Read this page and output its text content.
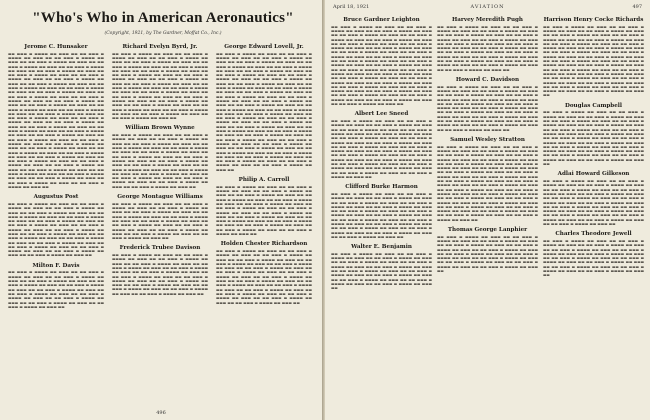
"Who's Who in American Aeronautics"
(Copyright, 1921, by The Gardner, Moffat Co., Inc.)
Jerome C. Hunsaker
▬▬ ▬▬▬ ▬ ▬▬▬▬ ▬▬ ▬▬▬ ▬▬ ▬▬ ▬▬▬ ▬ ▬▬▬▬ ▬▬ ▬▬▬ ▬▬ ▬▬ ▬▬▬ ▬ ▬▬▬▬ ▬▬ ▬▬▬ ▬▬ ▬▬ ▬▬▬ ▬ ▬▬▬▬ ▬▬ ▬▬▬ ▬▬ ▬▬ ▬▬▬ ▬ ▬▬▬▬ ▬▬ ▬▬▬ ▬▬ ▬▬ ▬▬▬ ▬ ▬▬▬▬ ▬▬ ▬▬▬ ▬▬ ▬▬ ▬▬▬ ▬ ▬▬▬▬ ▬▬ ▬▬▬ ▬▬ ▬▬ ▬▬▬ ▬ ▬▬▬▬ ▬▬ ▬▬▬ ▬▬ ▬▬ ▬▬▬ ▬ ▬▬▬▬ ▬▬ ▬▬▬ ▬▬ ▬▬ ▬▬▬ ▬ ▬▬▬▬ ▬▬ ▬▬▬ ▬▬ ▬▬ ▬▬▬ ▬ ▬▬▬▬ ▬▬ ▬▬▬ ▬▬ ▬▬ ▬▬▬ ▬ ▬▬▬▬ ▬▬ ▬▬▬ ▬▬ ▬▬ ▬▬▬ ▬ ▬▬▬▬ ▬▬ ▬▬▬ ▬▬ ▬▬ ▬▬▬ ▬ ▬▬▬▬ ▬▬ ▬▬▬ ▬▬ ▬▬ ▬▬▬ ▬ ▬▬▬▬ ▬▬ ▬▬▬ ▬▬ ▬▬ ▬▬▬ ▬ ▬▬▬▬ ▬▬ ▬▬▬ ▬▬ ▬▬ ▬▬▬ ▬ ▬▬▬▬ ▬▬ ▬▬▬ ▬▬ ▬▬ ▬▬▬ ▬ ▬▬▬▬ ▬▬ ▬▬▬ ▬▬ ▬▬ ▬▬▬ ▬ ▬▬▬▬ ▬▬ ▬▬▬ ▬▬ ▬▬ ▬▬▬ ▬ ▬▬▬▬ ▬▬ ▬▬▬ ▬▬ ▬▬ ▬▬▬ ▬ ▬▬▬▬ ▬▬ ▬▬▬ ▬▬ ▬▬ ▬▬▬ ▬ ▬▬▬▬ ▬▬ ▬▬▬ ▬▬ ▬▬ ▬▬▬ ▬ ▬▬▬▬ ▬▬ ▬▬▬ ▬▬ ▬▬ ▬▬▬ ▬ ▬▬▬▬ ▬▬ ▬▬▬ ▬▬ ▬▬ ▬▬▬ ▬ ▬▬▬▬ ▬▬ ▬▬▬ ▬▬ ▬▬ ▬▬▬ ▬ ▬▬▬▬ ▬▬ ▬▬▬ ▬▬ ▬▬ ▬▬▬ ▬ ▬▬▬▬ ▬▬ ▬▬▬ ▬▬ ▬▬ ▬▬▬ ▬ ▬▬▬▬ ▬▬ ▬▬▬ ▬▬ ▬▬ ▬▬▬ ▬ ▬▬▬▬ ▬▬ ▬▬▬ ▬▬ ▬▬ ▬▬▬ ▬ ▬▬▬▬ ▬▬ ▬▬▬ ▬▬ ▬▬ ▬▬▬ ▬ ▬▬▬▬ ▬▬ ▬▬▬ ▬▬ ▬▬ ▬▬▬ ▬ ▬▬▬▬ ▬▬ ▬▬▬ ▬▬ ▬▬ ▬▬▬ ▬ ▬▬▬▬ ▬▬ ▬▬▬ ▬▬ ▬▬ ▬▬▬ ▬ ▬▬▬▬ ▬▬ ▬▬▬ ▬▬ ▬▬ ▬▬▬ ▬ ▬▬▬▬ ▬▬ ▬▬▬ ▬▬ ▬▬ ▬▬▬ ▬ ▬▬▬▬ ▬▬ ▬▬▬ ▬▬ ▬▬ ▬▬▬ ▬ ▬▬▬▬ ▬▬ ▬▬▬ ▬▬ ▬▬ ▬▬▬ ▬ ▬▬▬▬ ▬▬ ▬▬▬ ▬▬ ▬▬ ▬▬▬ ▬ ▬▬▬▬ ▬▬ ▬▬▬ ▬▬ ▬▬ ▬▬▬ ▬ ▬▬▬▬ ▬▬ ▬▬▬ ▬▬ ▬▬ ▬▬▬ ▬ ▬▬▬▬ ▬▬ ▬▬▬ ▬▬ ▬▬ ▬▬▬ ▬ ▬▬▬▬ ▬▬ ▬▬▬ ▬▬ ▬▬ ▬▬▬ ▬ ▬▬▬▬ ▬▬ ▬▬▬ ▬▬ ▬▬ ▬▬▬ ▬ ▬▬▬▬ ▬▬ ▬▬▬ ▬▬
Augustus Post
▬▬ ▬▬▬ ▬ ▬▬▬▬ ▬▬ ▬▬▬ ▬▬ ▬▬ ▬▬▬ ▬ ▬▬▬▬ ▬▬ ▬▬▬ ▬▬ ▬▬ ▬▬▬ ▬ ▬▬▬▬ ▬▬ ▬▬▬ ▬▬ ▬▬ ▬▬▬ ▬ ▬▬▬▬ ▬▬ ▬▬▬ ▬▬ ▬▬ ▬▬▬ ▬ ▬▬▬▬ ▬▬ ▬▬▬ ▬▬ ▬▬ ▬▬▬ ▬ ▬▬▬▬ ▬▬ ▬▬▬ ▬▬ ▬▬ ▬▬▬ ▬ ▬▬▬▬ ▬▬ ▬▬▬ ▬▬ ▬▬ ▬▬▬ ▬ ▬▬▬▬ ▬▬ ▬▬▬ ▬▬ ▬▬ ▬▬▬ ▬ ▬▬▬▬ ▬▬ ▬▬▬ ▬▬ ▬▬ ▬▬▬ ▬ ▬▬▬▬ ▬▬ ▬▬▬ ▬▬ ▬▬ ▬▬▬ ▬ ▬▬▬▬ ▬▬ ▬▬▬ ▬▬ ▬▬ ▬▬▬ ▬ ▬▬▬▬ ▬▬ ▬▬▬ ▬▬ ▬▬ ▬▬▬ ▬ ▬▬▬▬ ▬▬ ▬▬▬ ▬▬ ▬▬ ▬▬▬ ▬ ▬▬▬▬ ▬▬ ▬▬▬ ▬▬ ▬▬ ▬▬▬ ▬ ▬▬▬▬ ▬▬ ▬▬▬ ▬▬ ▬▬ ▬▬▬ ▬ ▬▬▬▬ ▬▬ ▬▬▬ ▬▬ ▬▬ ▬▬▬ ▬ ▬▬▬▬ ▬▬ ▬▬▬ ▬▬ ▬▬ ▬▬▬ ▬ ▬▬▬▬ ▬▬ ▬▬▬ ▬▬
Milton F. Davis
▬▬ ▬▬▬ ▬ ▬▬▬▬ ▬▬ ▬▬▬ ▬▬ ▬▬ ▬▬▬ ▬ ▬▬▬▬ ▬▬ ▬▬▬ ▬▬ ▬▬ ▬▬▬ ▬ ▬▬▬▬ ▬▬ ▬▬▬ ▬▬ ▬▬ ▬▬▬ ▬ ▬▬▬▬ ▬▬ ▬▬▬ ▬▬ ▬▬ ▬▬▬ ▬ ▬▬▬▬ ▬▬ ▬▬▬ ▬▬ ▬▬ ▬▬▬ ▬ ▬▬▬▬ ▬▬ ▬▬▬ ▬▬ ▬▬ ▬▬▬ ▬ ▬▬▬▬ ▬▬ ▬▬▬ ▬▬ ▬▬ ▬▬▬ ▬ ▬▬▬▬ ▬▬ ▬▬▬ ▬▬ ▬▬ ▬▬▬ ▬ ▬▬▬▬ ▬▬ ▬▬▬ ▬▬ ▬▬ ▬▬▬ ▬ ▬▬▬▬ ▬▬ ▬▬▬ ▬▬ ▬▬ ▬▬▬ ▬ ▬▬▬▬ ▬▬ ▬▬▬ ▬▬ ▬▬ ▬▬▬ ▬ ▬▬▬▬ ▬▬ ▬▬▬ ▬▬
Richard Evelyn Byrd, Jr.
▬▬ ▬▬▬ ▬ ▬▬▬▬ ▬▬ ▬▬▬ ▬▬ ▬▬ ▬▬▬ ▬ ▬▬▬▬ ▬▬ ▬▬▬ ▬▬ ▬▬ ▬▬▬ ▬ ▬▬▬▬ ▬▬ ▬▬▬ ▬▬ ▬▬ ▬▬▬ ▬ ▬▬▬▬ ▬▬ ▬▬▬ ▬▬ ▬▬ ▬▬▬ ▬ ▬▬▬▬ ▬▬ ▬▬▬ ▬▬ ▬▬ ▬▬▬ ▬ ▬▬▬▬ ▬▬ ▬▬▬ ▬▬ ▬▬ ▬▬▬ ▬ ▬▬▬▬ ▬▬ ▬▬▬ ▬▬ ▬▬ ▬▬▬ ▬ ▬▬▬▬ ▬▬ ▬▬▬ ▬▬ ▬▬ ▬▬▬ ▬ ▬▬▬▬ ▬▬ ▬▬▬ ▬▬ ▬▬ ▬▬▬ ▬ ▬▬▬▬ ▬▬ ▬▬▬ ▬▬ ▬▬ ▬▬▬ ▬ ▬▬▬▬ ▬▬ ▬▬▬ ▬▬ ▬▬ ▬▬▬ ▬ ▬▬▬▬ ▬▬ ▬▬▬ ▬▬ ▬▬ ▬▬▬ ▬ ▬▬▬▬ ▬▬ ▬▬▬ ▬▬ ▬▬ ▬▬▬ ▬ ▬▬▬▬ ▬▬ ▬▬▬ ▬▬ ▬▬ ▬▬▬ ▬ ▬▬▬▬ ▬▬ ▬▬▬ ▬▬ ▬▬ ▬▬▬ ▬ ▬▬▬▬ ▬▬ ▬▬▬ ▬▬ ▬▬ ▬▬▬ ▬ ▬▬▬▬ ▬▬ ▬▬▬ ▬▬ ▬▬ ▬▬▬ ▬ ▬▬▬▬ ▬▬ ▬▬▬ ▬▬ ▬▬ ▬▬▬ ▬ ▬▬▬▬ ▬▬ ▬▬▬ ▬▬ ▬▬ ▬▬▬ ▬ ▬▬▬▬ ▬▬ ▬▬▬ ▬▬ ▬▬ ▬▬▬ ▬ ▬▬▬▬ ▬▬ ▬▬▬ ▬▬ ▬▬ ▬▬▬ ▬ ▬▬▬▬ ▬▬ ▬▬▬ ▬▬
William Brown Wynne
▬▬ ▬▬▬ ▬ ▬▬▬▬ ▬▬ ▬▬▬ ▬▬ ▬▬ ▬▬▬ ▬ ▬▬▬▬ ▬▬ ▬▬▬ ▬▬ ▬▬ ▬▬▬ ▬ ▬▬▬▬ ▬▬ ▬▬▬ ▬▬ ▬▬ ▬▬▬ ▬ ▬▬▬▬ ▬▬ ▬▬▬ ▬▬ ▬▬ ▬▬▬ ▬ ▬▬▬▬ ▬▬ ▬▬▬ ▬▬ ▬▬ ▬▬▬ ▬ ▬▬▬▬ ▬▬ ▬▬▬ ▬▬ ▬▬ ▬▬▬ ▬ ▬▬▬▬ ▬▬ ▬▬▬ ▬▬ ▬▬ ▬▬▬ ▬ ▬▬▬▬ ▬▬ ▬▬▬ ▬▬ ▬▬ ▬▬▬ ▬ ▬▬▬▬ ▬▬ ▬▬▬ ▬▬ ▬▬ ▬▬▬ ▬ ▬▬▬▬ ▬▬ ▬▬▬ ▬▬ ▬▬ ▬▬▬ ▬ ▬▬▬▬ ▬▬ ▬▬▬ ▬▬ ▬▬ ▬▬▬ ▬ ▬▬▬▬ ▬▬ ▬▬▬ ▬▬ ▬▬ ▬▬▬ ▬ ▬▬▬▬ ▬▬ ▬▬▬ ▬▬ ▬▬ ▬▬▬ ▬ ▬▬▬▬ ▬▬ ▬▬▬ ▬▬ ▬▬ ▬▬▬ ▬ ▬▬▬▬ ▬▬ ▬▬▬ ▬▬ ▬▬ ▬▬▬ ▬ ▬▬▬▬ ▬▬ ▬▬▬ ▬▬ ▬▬ ▬▬▬ ▬ ▬▬▬▬ ▬▬ ▬▬▬ ▬▬ ▬▬ ▬▬▬ ▬ ▬▬▬▬ ▬▬ ▬▬▬ ▬▬
George Montague Williams
▬▬ ▬▬▬ ▬ ▬▬▬▬ ▬▬ ▬▬▬ ▬▬ ▬▬ ▬▬▬ ▬ ▬▬▬▬ ▬▬ ▬▬▬ ▬▬ ▬▬ ▬▬▬ ▬ ▬▬▬▬ ▬▬ ▬▬▬ ▬▬ ▬▬ ▬▬▬ ▬ ▬▬▬▬ ▬▬ ▬▬▬ ▬▬ ▬▬ ▬▬▬ ▬ ▬▬▬▬ ▬▬ ▬▬▬ ▬▬ ▬▬ ▬▬▬ ▬ ▬▬▬▬ ▬▬ ▬▬▬ ▬▬ ▬▬ ▬▬▬ ▬ ▬▬▬▬ ▬▬ ▬▬▬ ▬▬ ▬▬ ▬▬▬ ▬ ▬▬▬▬ ▬▬ ▬▬▬ ▬▬ ▬▬ ▬▬▬ ▬ ▬▬▬▬ ▬▬ ▬▬▬ ▬▬ ▬▬ ▬▬▬ ▬ ▬▬▬▬ ▬▬ ▬▬▬ ▬▬ ▬▬ ▬▬▬ ▬ ▬▬▬▬ ▬▬ ▬▬▬ ▬▬ ▬▬ ▬▬▬ ▬ ▬▬▬▬ ▬▬ ▬▬▬ ▬▬
Frederick Trubee Davison
▬▬ ▬▬▬ ▬ ▬▬▬▬ ▬▬ ▬▬▬ ▬▬ ▬▬ ▬▬▬ ▬ ▬▬▬▬ ▬▬ ▬▬▬ ▬▬ ▬▬ ▬▬▬ ▬ ▬▬▬▬ ▬▬ ▬▬▬ ▬▬ ▬▬ ▬▬▬ ▬ ▬▬▬▬ ▬▬ ▬▬▬ ▬▬ ▬▬ ▬▬▬ ▬ ▬▬▬▬ ▬▬ ▬▬▬ ▬▬ ▬▬ ▬▬▬ ▬ ▬▬▬▬ ▬▬ ▬▬▬ ▬▬ ▬▬ ▬▬▬ ▬ ▬▬▬▬ ▬▬ ▬▬▬ ▬▬ ▬▬ ▬▬▬ ▬ ▬▬▬▬ ▬▬ ▬▬▬ ▬▬ ▬▬ ▬▬▬ ▬ ▬▬▬▬ ▬▬ ▬▬▬ ▬▬ ▬▬ ▬▬▬ ▬ ▬▬▬▬ ▬▬ ▬▬▬ ▬▬ ▬▬ ▬▬▬ ▬ ▬▬▬▬ ▬▬ ▬▬▬ ▬▬ ▬▬ ▬▬▬ ▬ ▬▬▬▬ ▬▬ ▬▬▬ ▬▬ ▬▬ ▬▬▬ ▬ ▬▬▬▬ ▬▬ ▬▬▬ ▬▬ ▬▬ ▬▬▬ ▬ ▬▬▬▬ ▬▬ ▬▬▬ ▬▬
George Edward Lovell, Jr.
▬▬ ▬▬▬ ▬ ▬▬▬▬ ▬▬ ▬▬▬ ▬▬ ▬▬ ▬▬▬ ▬ ▬▬▬▬ ▬▬ ▬▬▬ ▬▬ ▬▬ ▬▬▬ ▬ ▬▬▬▬ ▬▬ ▬▬▬ ▬▬ ▬▬ ▬▬▬ ▬ ▬▬▬▬ ▬▬ ▬▬▬ ▬▬ ▬▬ ▬▬▬ ▬ ▬▬▬▬ ▬▬ ▬▬▬ ▬▬ ▬▬ ▬▬▬ ▬ ▬▬▬▬ ▬▬ ▬▬▬ ▬▬ ▬▬ ▬▬▬ ▬ ▬▬▬▬ ▬▬ ▬▬▬ ▬▬ ▬▬ ▬▬▬ ▬ ▬▬▬▬ ▬▬ ▬▬▬ ▬▬ ▬▬ ▬▬▬ ▬ ▬▬▬▬ ▬▬ ▬▬▬ ▬▬ ▬▬ ▬▬▬ ▬ ▬▬▬▬ ▬▬ ▬▬▬ ▬▬ ▬▬ ▬▬▬ ▬ ▬▬▬▬ ▬▬ ▬▬▬ ▬▬ ▬▬ ▬▬▬ ▬ ▬▬▬▬ ▬▬ ▬▬▬ ▬▬ ▬▬ ▬▬▬ ▬ ▬▬▬▬ ▬▬ ▬▬▬ ▬▬ ▬▬ ▬▬▬ ▬ ▬▬▬▬ ▬▬ ▬▬▬ ▬▬ ▬▬ ▬▬▬ ▬ ▬▬▬▬ ▬▬ ▬▬▬ ▬▬ ▬▬ ▬▬▬ ▬ ▬▬▬▬ ▬▬ ▬▬▬ ▬▬ ▬▬ ▬▬▬ ▬ ▬▬▬▬ ▬▬ ▬▬▬ ▬▬ ▬▬ ▬▬▬ ▬ ▬▬▬▬ ▬▬ ▬▬▬ ▬▬ ▬▬ ▬▬▬ ▬ ▬▬▬▬ ▬▬ ▬▬▬ ▬▬ ▬▬ ▬▬▬ ▬ ▬▬▬▬ ▬▬ ▬▬▬ ▬▬ ▬▬ ▬▬▬ ▬ ▬▬▬▬ ▬▬ ▬▬▬ ▬▬ ▬▬ ▬▬▬ ▬ ▬▬▬▬ ▬▬ ▬▬▬ ▬▬ ▬▬ ▬▬▬ ▬ ▬▬▬▬ ▬▬ ▬▬▬ ▬▬ ▬▬ ▬▬▬ ▬ ▬▬▬▬ ▬▬ ▬▬▬ ▬▬ ▬▬ ▬▬▬ ▬ ▬▬▬▬ ▬▬ ▬▬▬ ▬▬ ▬▬ ▬▬▬ ▬ ▬▬▬▬ ▬▬ ▬▬▬ ▬▬ ▬▬ ▬▬▬ ▬ ▬▬▬▬ ▬▬ ▬▬▬ ▬▬ ▬▬ ▬▬▬ ▬ ▬▬▬▬ ▬▬ ▬▬▬ ▬▬ ▬▬ ▬▬▬ ▬ ▬▬▬▬ ▬▬ ▬▬▬ ▬▬ ▬▬ ▬▬▬ ▬ ▬▬▬▬ ▬▬ ▬▬▬ ▬▬ ▬▬ ▬▬▬ ▬ ▬▬▬▬ ▬▬ ▬▬▬ ▬▬ ▬▬ ▬▬▬ ▬ ▬▬▬▬ ▬▬ ▬▬▬ ▬▬ ▬▬ ▬▬▬ ▬ ▬▬▬▬ ▬▬ ▬▬▬ ▬▬ ▬▬ ▬▬▬ ▬ ▬▬▬▬ ▬▬ ▬▬▬ ▬▬ ▬▬ ▬▬▬ ▬ ▬▬▬▬ ▬▬ ▬▬▬ ▬▬ ▬▬ ▬▬▬ ▬ ▬▬▬▬ ▬▬ ▬▬▬ ▬▬ ▬▬ ▬▬▬ ▬ ▬▬▬▬ ▬▬ ▬▬▬ ▬▬ ▬▬ ▬▬▬ ▬ ▬▬▬▬ ▬▬ ▬▬▬ ▬▬
Philip A. Carroll
▬▬ ▬▬▬ ▬ ▬▬▬▬ ▬▬ ▬▬▬ ▬▬ ▬▬ ▬▬▬ ▬ ▬▬▬▬ ▬▬ ▬▬▬ ▬▬ ▬▬ ▬▬▬ ▬ ▬▬▬▬ ▬▬ ▬▬▬ ▬▬ ▬▬ ▬▬▬ ▬ ▬▬▬▬ ▬▬ ▬▬▬ ▬▬ ▬▬ ▬▬▬ ▬ ▬▬▬▬ ▬▬ ▬▬▬ ▬▬ ▬▬ ▬▬▬ ▬ ▬▬▬▬ ▬▬ ▬▬▬ ▬▬ ▬▬ ▬▬▬ ▬ ▬▬▬▬ ▬▬ ▬▬▬ ▬▬ ▬▬ ▬▬▬ ▬ ▬▬▬▬ ▬▬ ▬▬▬ ▬▬ ▬▬ ▬▬▬ ▬ ▬▬▬▬ ▬▬ ▬▬▬ ▬▬ ▬▬ ▬▬▬ ▬ ▬▬▬▬ ▬▬ ▬▬▬ ▬▬ ▬▬ ▬▬▬ ▬ ▬▬▬▬ ▬▬ ▬▬▬ ▬▬ ▬▬ ▬▬▬ ▬ ▬▬▬▬ ▬▬ ▬▬▬ ▬▬ ▬▬ ▬▬▬ ▬ ▬▬▬▬ ▬▬ ▬▬▬ ▬▬ ▬▬ ▬▬▬ ▬ ▬▬▬▬ ▬▬ ▬▬▬ ▬▬ ▬▬ ▬▬▬ ▬ ▬▬▬▬ ▬▬ ▬▬▬ ▬▬ ▬▬ ▬▬▬ ▬ ▬▬▬▬ ▬▬ ▬▬▬ ▬▬
Holden Chester Richardson
▬▬ ▬▬▬ ▬ ▬▬▬▬ ▬▬ ▬▬▬ ▬▬ ▬▬ ▬▬▬ ▬ ▬▬▬▬ ▬▬ ▬▬▬ ▬▬ ▬▬ ▬▬▬ ▬ ▬▬▬▬ ▬▬ ▬▬▬ ▬▬ ▬▬ ▬▬▬ ▬ ▬▬▬▬ ▬▬ ▬▬▬ ▬▬ ▬▬ ▬▬▬ ▬ ▬▬▬▬ ▬▬ ▬▬▬ ▬▬ ▬▬ ▬▬▬ ▬ ▬▬▬▬ ▬▬ ▬▬▬ ▬▬ ▬▬ ▬▬▬ ▬ ▬▬▬▬ ▬▬ ▬▬▬ ▬▬ ▬▬ ▬▬▬ ▬ ▬▬▬▬ ▬▬ ▬▬▬ ▬▬ ▬▬ ▬▬▬ ▬ ▬▬▬▬ ▬▬ ▬▬▬ ▬▬ ▬▬ ▬▬▬ ▬ ▬▬▬▬ ▬▬ ▬▬▬ ▬▬ ▬▬ ▬▬▬ ▬ ▬▬▬▬ ▬▬ ▬▬▬ ▬▬ ▬▬ ▬▬▬ ▬ ▬▬▬▬ ▬▬ ▬▬▬ ▬▬ ▬▬ ▬▬▬ ▬ ▬▬▬▬ ▬▬ ▬▬▬ ▬▬ ▬▬ ▬▬▬ ▬ ▬▬▬▬ ▬▬ ▬▬▬ ▬▬ ▬▬ ▬▬▬ ▬ ▬▬▬▬ ▬▬ ▬▬▬ ▬▬ ▬▬ ▬▬▬ ▬ ▬▬▬▬ ▬▬ ▬▬▬ ▬▬ ▬▬ ▬▬▬ ▬ ▬▬▬▬ ▬▬ ▬▬▬ ▬▬ ▬▬ ▬▬▬ ▬ ▬▬▬▬ ▬▬ ▬▬▬ ▬▬
496
April 18, 1921	AVIATION	497
Bruce Gardner Leighton
▬▬ ▬▬▬ ▬ ▬▬▬▬ ▬▬ ▬▬▬ ▬▬ ▬▬ ▬▬▬ ▬ ▬▬▬▬ ▬▬ ▬▬▬ ▬▬ ▬▬ ▬▬▬ ▬ ▬▬▬▬ ▬▬ ▬▬▬ ▬▬ ▬▬ ▬▬▬ ▬ ▬▬▬▬ ▬▬ ▬▬▬ ▬▬ ▬▬ ▬▬▬ ▬ ▬▬▬▬ ▬▬ ▬▬▬ ▬▬ ▬▬ ▬▬▬ ▬ ▬▬▬▬ ▬▬ ▬▬▬ ▬▬ ▬▬ ▬▬▬ ▬ ▬▬▬▬ ▬▬ ▬▬▬ ▬▬ ▬▬ ▬▬▬ ▬ ▬▬▬▬ ▬▬ ▬▬▬ ▬▬ ▬▬ ▬▬▬ ▬ ▬▬▬▬ ▬▬ ▬▬▬ ▬▬ ▬▬ ▬▬▬ ▬ ▬▬▬▬ ▬▬ ▬▬▬ ▬▬ ▬▬ ▬▬▬ ▬ ▬▬▬▬ ▬▬ ▬▬▬ ▬▬ ▬▬ ▬▬▬ ▬ ▬▬▬▬ ▬▬ ▬▬▬ ▬▬ ▬▬ ▬▬▬ ▬ ▬▬▬▬ ▬▬ ▬▬▬ ▬▬ ▬▬ ▬▬▬ ▬ ▬▬▬▬ ▬▬ ▬▬▬ ▬▬ ▬▬ ▬▬▬ ▬ ▬▬▬▬ ▬▬ ▬▬▬ ▬▬ ▬▬ ▬▬▬ ▬ ▬▬▬▬ ▬▬ ▬▬▬ ▬▬ ▬▬ ▬▬▬ ▬ ▬▬▬▬ ▬▬ ▬▬▬ ▬▬ ▬▬ ▬▬▬ ▬ ▬▬▬▬ ▬▬ ▬▬▬ ▬▬ ▬▬ ▬▬▬ ▬ ▬▬▬▬ ▬▬ ▬▬▬ ▬▬ ▬▬ ▬▬▬ ▬ ▬▬▬▬ ▬▬ ▬▬▬ ▬▬ ▬▬ ▬▬▬ ▬ ▬▬▬▬ ▬▬ ▬▬▬ ▬▬ ▬▬ ▬▬▬ ▬ ▬▬▬▬ ▬▬ ▬▬▬ ▬▬ ▬▬ ▬▬▬ ▬ ▬▬▬▬ ▬▬ ▬▬▬ ▬▬ ▬▬ ▬▬▬ ▬ ▬▬▬▬ ▬▬ ▬▬▬ ▬▬ ▬▬ ▬▬▬ ▬ ▬▬▬▬ ▬▬ ▬▬▬ ▬▬ ▬▬ ▬▬▬ ▬ ▬▬▬▬ ▬▬ ▬▬▬ ▬▬ ▬▬ ▬▬▬ ▬ ▬▬▬▬ ▬▬ ▬▬▬ ▬▬ ▬▬ ▬▬▬ ▬ ▬▬▬▬ ▬▬ ▬▬▬ ▬▬
Albert Lee Sneed
▬▬ ▬▬▬ ▬ ▬▬▬▬ ▬▬ ▬▬▬ ▬▬ ▬▬ ▬▬▬ ▬ ▬▬▬▬ ▬▬ ▬▬▬ ▬▬ ▬▬ ▬▬▬ ▬ ▬▬▬▬ ▬▬ ▬▬▬ ▬▬ ▬▬ ▬▬▬ ▬ ▬▬▬▬ ▬▬ ▬▬▬ ▬▬ ▬▬ ▬▬▬ ▬ ▬▬▬▬ ▬▬ ▬▬▬ ▬▬ ▬▬ ▬▬▬ ▬ ▬▬▬▬ ▬▬ ▬▬▬ ▬▬ ▬▬ ▬▬▬ ▬ ▬▬▬▬ ▬▬ ▬▬▬ ▬▬ ▬▬ ▬▬▬ ▬ ▬▬▬▬ ▬▬ ▬▬▬ ▬▬ ▬▬ ▬▬▬ ▬ ▬▬▬▬ ▬▬ ▬▬▬ ▬▬ ▬▬ ▬▬▬ ▬ ▬▬▬▬ ▬▬ ▬▬▬ ▬▬ ▬▬ ▬▬▬ ▬ ▬▬▬▬ ▬▬ ▬▬▬ ▬▬ ▬▬ ▬▬▬ ▬ ▬▬▬▬ ▬▬ ▬▬▬ ▬▬ ▬▬ ▬▬▬ ▬ ▬▬▬▬ ▬▬ ▬▬▬ ▬▬ ▬▬ ▬▬▬ ▬ ▬▬▬▬ ▬▬ ▬▬▬ ▬▬ ▬▬ ▬▬▬ ▬ ▬▬▬▬ ▬▬ ▬▬▬ ▬▬ ▬▬ ▬▬▬ ▬ ▬▬▬▬ ▬▬ ▬▬▬ ▬▬ ▬▬ ▬▬▬ ▬ ▬▬▬▬ ▬▬ ▬▬▬ ▬▬ ▬▬ ▬▬▬ ▬ ▬▬▬▬ ▬▬ ▬▬▬ ▬▬ ▬▬ ▬▬▬ ▬ ▬▬▬▬ ▬▬ ▬▬▬ ▬▬ ▬▬ ▬▬▬ ▬ ▬▬▬▬ ▬▬ ▬▬▬ ▬▬
Clifford Burke Harmon
▬▬ ▬▬▬ ▬ ▬▬▬▬ ▬▬ ▬▬▬ ▬▬ ▬▬ ▬▬▬ ▬ ▬▬▬▬ ▬▬ ▬▬▬ ▬▬ ▬▬ ▬▬▬ ▬ ▬▬▬▬ ▬▬ ▬▬▬ ▬▬ ▬▬ ▬▬▬ ▬ ▬▬▬▬ ▬▬ ▬▬▬ ▬▬ ▬▬ ▬▬▬ ▬ ▬▬▬▬ ▬▬ ▬▬▬ ▬▬ ▬▬ ▬▬▬ ▬ ▬▬▬▬ ▬▬ ▬▬▬ ▬▬ ▬▬ ▬▬▬ ▬ ▬▬▬▬ ▬▬ ▬▬▬ ▬▬ ▬▬ ▬▬▬ ▬ ▬▬▬▬ ▬▬ ▬▬▬ ▬▬ ▬▬ ▬▬▬ ▬ ▬▬▬▬ ▬▬ ▬▬▬ ▬▬ ▬▬ ▬▬▬ ▬ ▬▬▬▬ ▬▬ ▬▬▬ ▬▬ ▬▬ ▬▬▬ ▬ ▬▬▬▬ ▬▬ ▬▬▬ ▬▬ ▬▬ ▬▬▬ ▬ ▬▬▬▬ ▬▬ ▬▬▬ ▬▬ ▬▬ ▬▬▬ ▬ ▬▬▬▬ ▬▬ ▬▬▬ ▬▬ ▬▬ ▬▬▬ ▬ ▬▬▬▬ ▬▬ ▬▬▬ ▬▬ ▬▬ ▬▬▬ ▬ ▬▬▬▬ ▬▬ ▬▬▬ ▬▬ ▬▬ ▬▬▬ ▬ ▬▬▬▬ ▬▬ ▬▬▬ ▬▬
Walter E. Benjamin
▬▬ ▬▬▬ ▬ ▬▬▬▬ ▬▬ ▬▬▬ ▬▬ ▬▬ ▬▬▬ ▬ ▬▬▬▬ ▬▬ ▬▬▬ ▬▬ ▬▬ ▬▬▬ ▬ ▬▬▬▬ ▬▬ ▬▬▬ ▬▬ ▬▬ ▬▬▬ ▬ ▬▬▬▬ ▬▬ ▬▬▬ ▬▬ ▬▬ ▬▬▬ ▬ ▬▬▬▬ ▬▬ ▬▬▬ ▬▬ ▬▬ ▬▬▬ ▬ ▬▬▬▬ ▬▬ ▬▬▬ ▬▬ ▬▬ ▬▬▬ ▬ ▬▬▬▬ ▬▬ ▬▬▬ ▬▬ ▬▬ ▬▬▬ ▬ ▬▬▬▬ ▬▬ ▬▬▬ ▬▬ ▬▬ ▬▬▬ ▬ ▬▬▬▬ ▬▬ ▬▬▬ ▬▬ ▬▬ ▬▬▬ ▬ ▬▬▬▬ ▬▬ ▬▬▬ ▬▬ ▬▬ ▬▬▬ ▬ ▬▬▬▬ ▬▬ ▬▬▬ ▬▬ ▬▬ ▬▬▬ ▬ ▬▬▬▬ ▬▬ ▬▬▬ ▬▬
Harvey Meredith Pugh
▬▬ ▬▬▬ ▬ ▬▬▬▬ ▬▬ ▬▬▬ ▬▬ ▬▬ ▬▬▬ ▬ ▬▬▬▬ ▬▬ ▬▬▬ ▬▬ ▬▬ ▬▬▬ ▬ ▬▬▬▬ ▬▬ ▬▬▬ ▬▬ ▬▬ ▬▬▬ ▬ ▬▬▬▬ ▬▬ ▬▬▬ ▬▬ ▬▬ ▬▬▬ ▬ ▬▬▬▬ ▬▬ ▬▬▬ ▬▬ ▬▬ ▬▬▬ ▬ ▬▬▬▬ ▬▬ ▬▬▬ ▬▬ ▬▬ ▬▬▬ ▬ ▬▬▬▬ ▬▬ ▬▬▬ ▬▬ ▬▬ ▬▬▬ ▬ ▬▬▬▬ ▬▬ ▬▬▬ ▬▬ ▬▬ ▬▬▬ ▬ ▬▬▬▬ ▬▬ ▬▬▬ ▬▬ ▬▬ ▬▬▬ ▬ ▬▬▬▬ ▬▬ ▬▬▬ ▬▬ ▬▬ ▬▬▬ ▬ ▬▬▬▬ ▬▬ ▬▬▬ ▬▬ ▬▬ ▬▬▬ ▬ ▬▬▬▬ ▬▬ ▬▬▬ ▬▬ ▬▬ ▬▬▬ ▬ ▬▬▬▬ ▬▬ ▬▬▬ ▬▬ ▬▬ ▬▬▬ ▬ ▬▬▬▬ ▬▬ ▬▬▬ ▬▬ ▬▬ ▬▬▬ ▬ ▬▬▬▬ ▬▬ ▬▬▬ ▬▬ ▬▬ ▬▬▬ ▬ ▬▬▬▬ ▬▬ ▬▬▬ ▬▬
Howard C. Davidson
▬▬ ▬▬▬ ▬ ▬▬▬▬ ▬▬ ▬▬▬ ▬▬ ▬▬ ▬▬▬ ▬ ▬▬▬▬ ▬▬ ▬▬▬ ▬▬ ▬▬ ▬▬▬ ▬ ▬▬▬▬ ▬▬ ▬▬▬ ▬▬ ▬▬ ▬▬▬ ▬ ▬▬▬▬ ▬▬ ▬▬▬ ▬▬ ▬▬ ▬▬▬ ▬ ▬▬▬▬ ▬▬ ▬▬▬ ▬▬ ▬▬ ▬▬▬ ▬ ▬▬▬▬ ▬▬ ▬▬▬ ▬▬ ▬▬ ▬▬▬ ▬ ▬▬▬▬ ▬▬ ▬▬▬ ▬▬ ▬▬ ▬▬▬ ▬ ▬▬▬▬ ▬▬ ▬▬▬ ▬▬ ▬▬ ▬▬▬ ▬ ▬▬▬▬ ▬▬ ▬▬▬ ▬▬ ▬▬ ▬▬▬ ▬ ▬▬▬▬ ▬▬ ▬▬▬ ▬▬ ▬▬ ▬▬▬ ▬ ▬▬▬▬ ▬▬ ▬▬▬ ▬▬ ▬▬ ▬▬▬ ▬ ▬▬▬▬ ▬▬ ▬▬▬ ▬▬ ▬▬ ▬▬▬ ▬ ▬▬▬▬ ▬▬ ▬▬▬ ▬▬ ▬▬ ▬▬▬ ▬ ▬▬▬▬ ▬▬ ▬▬▬ ▬▬ ▬▬ ▬▬▬ ▬ ▬▬▬▬ ▬▬ ▬▬▬ ▬▬ ▬▬ ▬▬▬ ▬ ▬▬▬▬ ▬▬ ▬▬▬ ▬▬
Samuel Wesley Stratton
▬▬ ▬▬▬ ▬ ▬▬▬▬ ▬▬ ▬▬▬ ▬▬ ▬▬ ▬▬▬ ▬ ▬▬▬▬ ▬▬ ▬▬▬ ▬▬ ▬▬ ▬▬▬ ▬ ▬▬▬▬ ▬▬ ▬▬▬ ▬▬ ▬▬ ▬▬▬ ▬ ▬▬▬▬ ▬▬ ▬▬▬ ▬▬ ▬▬ ▬▬▬ ▬ ▬▬▬▬ ▬▬ ▬▬▬ ▬▬ ▬▬ ▬▬▬ ▬ ▬▬▬▬ ▬▬ ▬▬▬ ▬▬ ▬▬ ▬▬▬ ▬ ▬▬▬▬ ▬▬ ▬▬▬ ▬▬ ▬▬ ▬▬▬ ▬ ▬▬▬▬ ▬▬ ▬▬▬ ▬▬ ▬▬ ▬▬▬ ▬ ▬▬▬▬ ▬▬ ▬▬▬ ▬▬ ▬▬ ▬▬▬ ▬ ▬▬▬▬ ▬▬ ▬▬▬ ▬▬ ▬▬ ▬▬▬ ▬ ▬▬▬▬ ▬▬ ▬▬▬ ▬▬ ▬▬ ▬▬▬ ▬ ▬▬▬▬ ▬▬ ▬▬▬ ▬▬ ▬▬ ▬▬▬ ▬ ▬▬▬▬ ▬▬ ▬▬▬ ▬▬ ▬▬ ▬▬▬ ▬ ▬▬▬▬ ▬▬ ▬▬▬ ▬▬ ▬▬ ▬▬▬ ▬ ▬▬▬▬ ▬▬ ▬▬▬ ▬▬ ▬▬ ▬▬▬ ▬ ▬▬▬▬ ▬▬ ▬▬▬ ▬▬ ▬▬ ▬▬▬ ▬ ▬▬▬▬ ▬▬ ▬▬▬ ▬▬ ▬▬ ▬▬▬ ▬ ▬▬▬▬ ▬▬ ▬▬▬ ▬▬ ▬▬ ▬▬▬ ▬ ▬▬▬▬ ▬▬ ▬▬▬ ▬▬ ▬▬ ▬▬▬ ▬ ▬▬▬▬ ▬▬ ▬▬▬ ▬▬ ▬▬ ▬▬▬ ▬ ▬▬▬▬ ▬▬ ▬▬▬ ▬▬ ▬▬ ▬▬▬ ▬ ▬▬▬▬ ▬▬ ▬▬▬ ▬▬ ▬▬ ▬▬▬ ▬ ▬▬▬▬ ▬▬ ▬▬▬ ▬▬ ▬▬ ▬▬▬ ▬ ▬▬▬▬ ▬▬ ▬▬▬ ▬▬ ▬▬ ▬▬▬ ▬ ▬▬▬▬ ▬▬ ▬▬▬ ▬▬ ▬▬ ▬▬▬ ▬ ▬▬▬▬ ▬▬ ▬▬▬ ▬▬
Thomas George Lanphier
▬▬ ▬▬▬ ▬ ▬▬▬▬ ▬▬ ▬▬▬ ▬▬ ▬▬ ▬▬▬ ▬ ▬▬▬▬ ▬▬ ▬▬▬ ▬▬ ▬▬ ▬▬▬ ▬ ▬▬▬▬ ▬▬ ▬▬▬ ▬▬ ▬▬ ▬▬▬ ▬ ▬▬▬▬ ▬▬ ▬▬▬ ▬▬ ▬▬ ▬▬▬ ▬ ▬▬▬▬ ▬▬ ▬▬▬ ▬▬ ▬▬ ▬▬▬ ▬ ▬▬▬▬ ▬▬ ▬▬▬ ▬▬ ▬▬ ▬▬▬ ▬ ▬▬▬▬ ▬▬ ▬▬▬ ▬▬ ▬▬ ▬▬▬ ▬ ▬▬▬▬ ▬▬ ▬▬▬ ▬▬ ▬▬ ▬▬▬ ▬ ▬▬▬▬ ▬▬ ▬▬▬ ▬▬ ▬▬ ▬▬▬ ▬ ▬▬▬▬ ▬▬ ▬▬▬ ▬▬ ▬▬ ▬▬▬ ▬ ▬▬▬▬ ▬▬ ▬▬▬ ▬▬ ▬▬ ▬▬▬ ▬ ▬▬▬▬ ▬▬ ▬▬▬ ▬▬
Harrison Henry Cocke Richards
▬▬ ▬▬▬ ▬ ▬▬▬▬ ▬▬ ▬▬▬ ▬▬ ▬▬ ▬▬▬ ▬ ▬▬▬▬ ▬▬ ▬▬▬ ▬▬ ▬▬ ▬▬▬ ▬ ▬▬▬▬ ▬▬ ▬▬▬ ▬▬ ▬▬ ▬▬▬ ▬ ▬▬▬▬ ▬▬ ▬▬▬ ▬▬ ▬▬ ▬▬▬ ▬ ▬▬▬▬ ▬▬ ▬▬▬ ▬▬ ▬▬ ▬▬▬ ▬ ▬▬▬▬ ▬▬ ▬▬▬ ▬▬ ▬▬ ▬▬▬ ▬ ▬▬▬▬ ▬▬ ▬▬▬ ▬▬ ▬▬ ▬▬▬ ▬ ▬▬▬▬ ▬▬ ▬▬▬ ▬▬ ▬▬ ▬▬▬ ▬ ▬▬▬▬ ▬▬ ▬▬▬ ▬▬ ▬▬ ▬▬▬ ▬ ▬▬▬▬ ▬▬ ▬▬▬ ▬▬ ▬▬ ▬▬▬ ▬ ▬▬▬▬ ▬▬ ▬▬▬ ▬▬ ▬▬ ▬▬▬ ▬ ▬▬▬▬ ▬▬ ▬▬▬ ▬▬ ▬▬ ▬▬▬ ▬ ▬▬▬▬ ▬▬ ▬▬▬ ▬▬ ▬▬ ▬▬▬ ▬ ▬▬▬▬ ▬▬ ▬▬▬ ▬▬ ▬▬ ▬▬▬ ▬ ▬▬▬▬ ▬▬ ▬▬▬ ▬▬ ▬▬ ▬▬▬ ▬ ▬▬▬▬ ▬▬ ▬▬▬ ▬▬ ▬▬ ▬▬▬ ▬ ▬▬▬▬ ▬▬ ▬▬▬ ▬▬ ▬▬ ▬▬▬ ▬ ▬▬▬▬ ▬▬ ▬▬▬ ▬▬ ▬▬ ▬▬▬ ▬ ▬▬▬▬ ▬▬ ▬▬▬ ▬▬ ▬▬ ▬▬▬ ▬ ▬▬▬▬ ▬▬ ▬▬▬ ▬▬ ▬▬ ▬▬▬ ▬ ▬▬▬▬ ▬▬ ▬▬▬ ▬▬ ▬▬ ▬▬▬ ▬ ▬▬▬▬ ▬▬ ▬▬▬ ▬▬ ▬▬ ▬▬▬ ▬ ▬▬▬▬ ▬▬ ▬▬▬ ▬▬ ▬▬ ▬▬▬ ▬ ▬▬▬▬ ▬▬ ▬▬▬ ▬▬
Douglas Campbell
▬▬ ▬▬▬ ▬ ▬▬▬▬ ▬▬ ▬▬▬ ▬▬ ▬▬ ▬▬▬ ▬ ▬▬▬▬ ▬▬ ▬▬▬ ▬▬ ▬▬ ▬▬▬ ▬ ▬▬▬▬ ▬▬ ▬▬▬ ▬▬ ▬▬ ▬▬▬ ▬ ▬▬▬▬ ▬▬ ▬▬▬ ▬▬ ▬▬ ▬▬▬ ▬ ▬▬▬▬ ▬▬ ▬▬▬ ▬▬ ▬▬ ▬▬▬ ▬ ▬▬▬▬ ▬▬ ▬▬▬ ▬▬ ▬▬ ▬▬▬ ▬ ▬▬▬▬ ▬▬ ▬▬▬ ▬▬ ▬▬ ▬▬▬ ▬ ▬▬▬▬ ▬▬ ▬▬▬ ▬▬ ▬▬ ▬▬▬ ▬ ▬▬▬▬ ▬▬ ▬▬▬ ▬▬ ▬▬ ▬▬▬ ▬ ▬▬▬▬ ▬▬ ▬▬▬ ▬▬ ▬▬ ▬▬▬ ▬ ▬▬▬▬ ▬▬ ▬▬▬ ▬▬ ▬▬ ▬▬▬ ▬ ▬▬▬▬ ▬▬ ▬▬▬ ▬▬ ▬▬ ▬▬▬ ▬ ▬▬▬▬ ▬▬ ▬▬▬ ▬▬ ▬▬ ▬▬▬ ▬ ▬▬▬▬ ▬▬ ▬▬▬ ▬▬ ▬▬ ▬▬▬ ▬ ▬▬▬▬ ▬▬ ▬▬▬ ▬▬ ▬▬ ▬▬▬ ▬ ▬▬▬▬ ▬▬ ▬▬▬ ▬▬ ▬▬ ▬▬▬ ▬ ▬▬▬▬ ▬▬ ▬▬▬ ▬▬ ▬▬ ▬▬▬ ▬ ▬▬▬▬ ▬▬ ▬▬▬ ▬▬
Adlai Howard Gilkeson
▬▬ ▬▬▬ ▬ ▬▬▬▬ ▬▬ ▬▬▬ ▬▬ ▬▬ ▬▬▬ ▬ ▬▬▬▬ ▬▬ ▬▬▬ ▬▬ ▬▬ ▬▬▬ ▬ ▬▬▬▬ ▬▬ ▬▬▬ ▬▬ ▬▬ ▬▬▬ ▬ ▬▬▬▬ ▬▬ ▬▬▬ ▬▬ ▬▬ ▬▬▬ ▬ ▬▬▬▬ ▬▬ ▬▬▬ ▬▬ ▬▬ ▬▬▬ ▬ ▬▬▬▬ ▬▬ ▬▬▬ ▬▬ ▬▬ ▬▬▬ ▬ ▬▬▬▬ ▬▬ ▬▬▬ ▬▬ ▬▬ ▬▬▬ ▬ ▬▬▬▬ ▬▬ ▬▬▬ ▬▬ ▬▬ ▬▬▬ ▬ ▬▬▬▬ ▬▬ ▬▬▬ ▬▬ ▬▬ ▬▬▬ ▬ ▬▬▬▬ ▬▬ ▬▬▬ ▬▬ ▬▬ ▬▬▬ ▬ ▬▬▬▬ ▬▬ ▬▬▬ ▬▬ ▬▬ ▬▬▬ ▬ ▬▬▬▬ ▬▬ ▬▬▬ ▬▬ ▬▬ ▬▬▬ ▬ ▬▬▬▬ ▬▬ ▬▬▬ ▬▬ ▬▬ ▬▬▬ ▬ ▬▬▬▬ ▬▬ ▬▬▬ ▬▬ ▬▬ ▬▬▬ ▬ ▬▬▬▬ ▬▬ ▬▬▬ ▬▬ ▬▬ ▬▬▬ ▬ ▬▬▬▬ ▬▬ ▬▬▬ ▬▬
Charles Theodore Jewell
▬▬ ▬▬▬ ▬ ▬▬▬▬ ▬▬ ▬▬▬ ▬▬ ▬▬ ▬▬▬ ▬ ▬▬▬▬ ▬▬ ▬▬▬ ▬▬ ▬▬ ▬▬▬ ▬ ▬▬▬▬ ▬▬ ▬▬▬ ▬▬ ▬▬ ▬▬▬ ▬ ▬▬▬▬ ▬▬ ▬▬▬ ▬▬ ▬▬ ▬▬▬ ▬ ▬▬▬▬ ▬▬ ▬▬▬ ▬▬ ▬▬ ▬▬▬ ▬ ▬▬▬▬ ▬▬ ▬▬▬ ▬▬ ▬▬ ▬▬▬ ▬ ▬▬▬▬ ▬▬ ▬▬▬ ▬▬ ▬▬ ▬▬▬ ▬ ▬▬▬▬ ▬▬ ▬▬▬ ▬▬ ▬▬ ▬▬▬ ▬ ▬▬▬▬ ▬▬ ▬▬▬ ▬▬ ▬▬ ▬▬▬ ▬ ▬▬▬▬ ▬▬ ▬▬▬ ▬▬ ▬▬ ▬▬▬ ▬ ▬▬▬▬ ▬▬ ▬▬▬ ▬▬ ▬▬ ▬▬▬ ▬ ▬▬▬▬ ▬▬ ▬▬▬ ▬▬
